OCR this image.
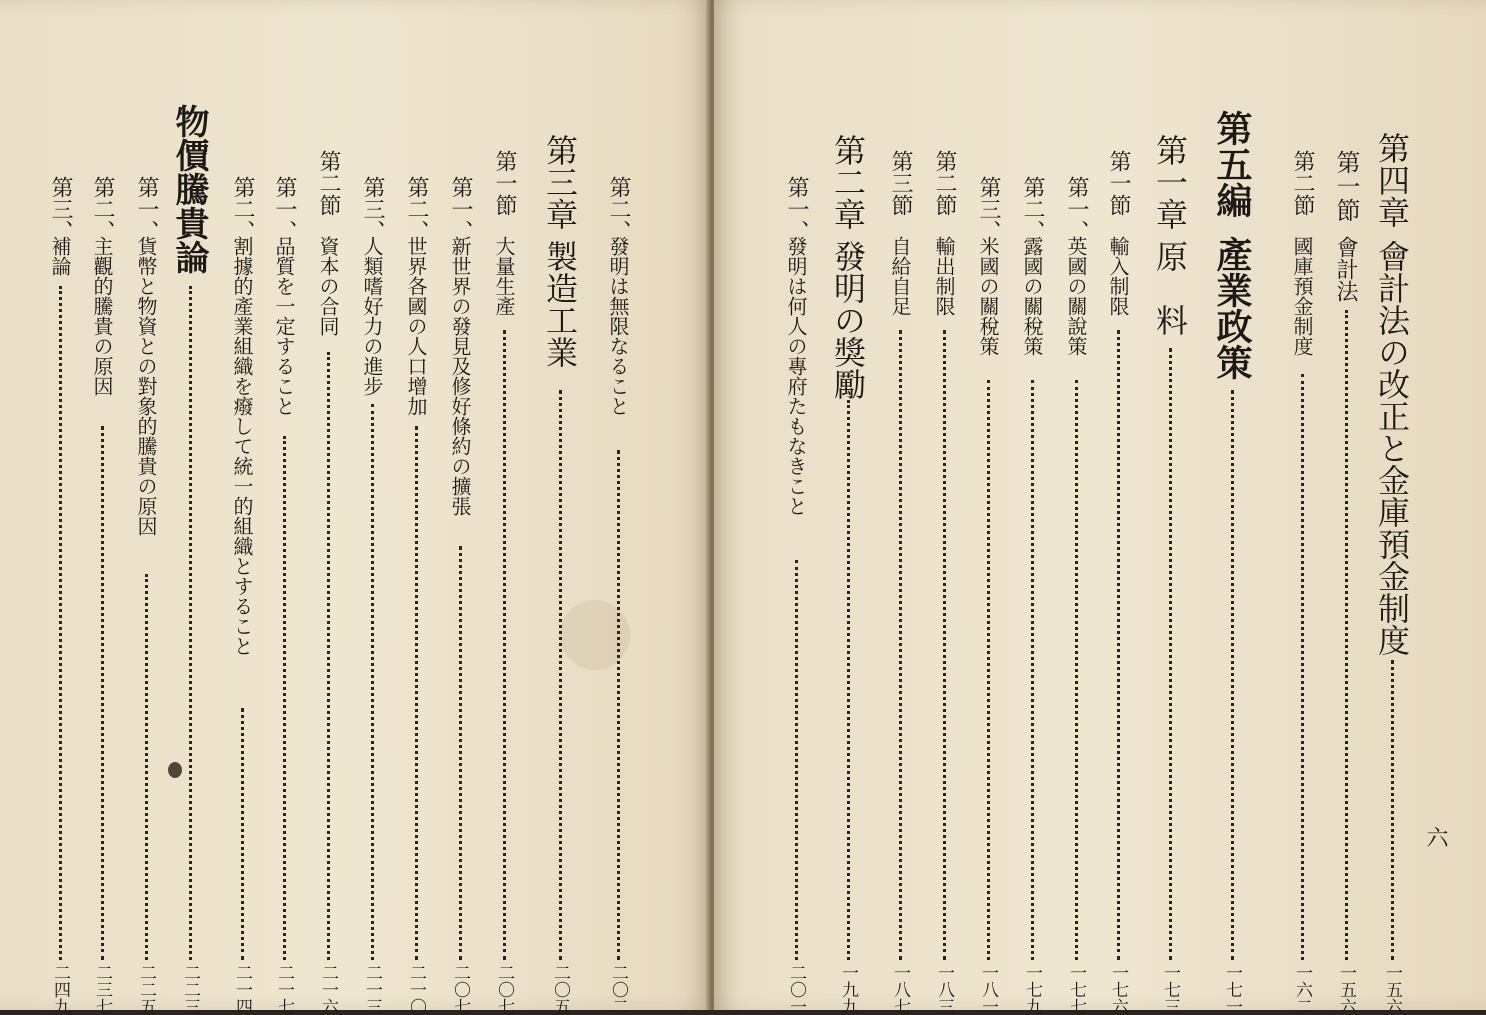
六
第四章
會計法の改正と金庫預金制度
一五六
第一節
會計法
一五六
第二節
國庫預金制度
一六二
第五編
產業政策
一七一
第一章
原　料
一七三
第一節
輸入制限
一七六
第一、
英國の關說策
一七七
第二、
露國の關稅策
一七九
第三、
米國の關稅策
一八一
第二節
輸出制限
一八三
第三節
自給自足
一八七
第二章
發明の獎勵
一九九
第一、
發明は何人の專府たもなきこと
二〇一
第二、
發明は無限なること
二〇二
第三章
製造工業
二〇五
第一節
大量生產
二〇七
第一、
新世界の發見及修好條約の擴張
二〇七
第二、
世界各國の人口增加
二一〇
第三、
人類嗜好力の進步
二一三
第二節
資本の合同
二一六
第一、
品質を一定すること
二一七
第二、
割據的產業組織を癈して統一的組織とすること
二一四
物價騰貴論
二二三
第一、
貨幣と物資との對象的騰貴の原因
二二五
第二、
主觀的騰貴の原因
二三七
第三、
補論
二四九
